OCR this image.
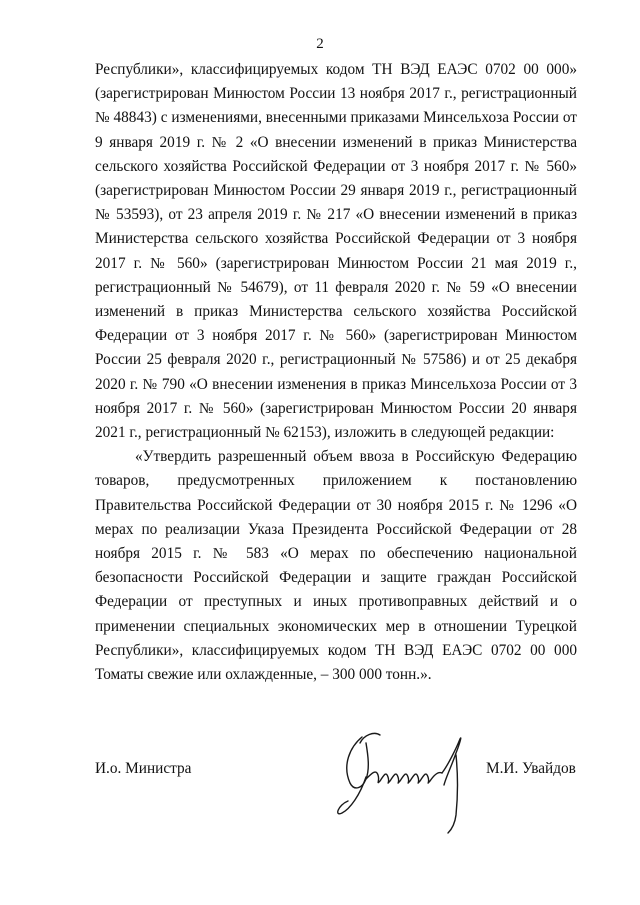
2

Республики», классифицируемых кодом ТН ВЭД ЕАЭС 0702 00 000» (зарегистрирован Минюстом России 13 ноября 2017 г., регистрационный № 48843) с изменениями, внесенными приказами Минсельхоза России от 9 января 2019 г. № 2 «О внесении изменений в приказ Министерства сельского хозяйства Российской Федерации от 3 ноября 2017 г. № 560» (зарегистрирован Минюстом России 29 января 2019 г., регистрационный № 53593), от 23 апреля 2019 г. № 217 «О внесении изменений в приказ Министерства сельского хозяйства Российской Федерации от 3 ноября 2017 г. № 560» (зарегистрирован Минюстом России 21 мая 2019 г., регистрационный № 54679), от 11 февраля 2020 г. № 59 «О внесении изменений в приказ Министерства сельского хозяйства Российской Федерации от 3 ноября 2017 г. № 560» (зарегистрирован Минюстом России 25 февраля 2020 г., регистрационный № 57586) и от 25 декабря 2020 г. № 790 «О внесении изменения в приказ Минсельхоза России от 3 ноября 2017 г. № 560» (зарегистрирован Минюстом России 20 января 2021 г., регистрационный № 62153), изложить в следующей редакции:

«Утвердить разрешенный объем ввоза в Российскую Федерацию товаров, предусмотренных приложением к постановлению Правительства Российской Федерации от 30 ноября 2015 г. № 1296 «О мерах по реализации Указа Президента Российской Федерации от 28 ноября 2015 г. № 583 «О мерах по обеспечению национальной безопасности Российской Федерации и защите граждан Российской Федерации от преступных и иных противоправных действий и о применении специальных экономических мер в отношении Турецкой Республики», классифицируемых кодом ТН ВЭД ЕАЭС 0702 00 000 Томаты свежие или охлажденные, – 300 000 тонн.».

И.о. Министра	М.И. Увайдов
